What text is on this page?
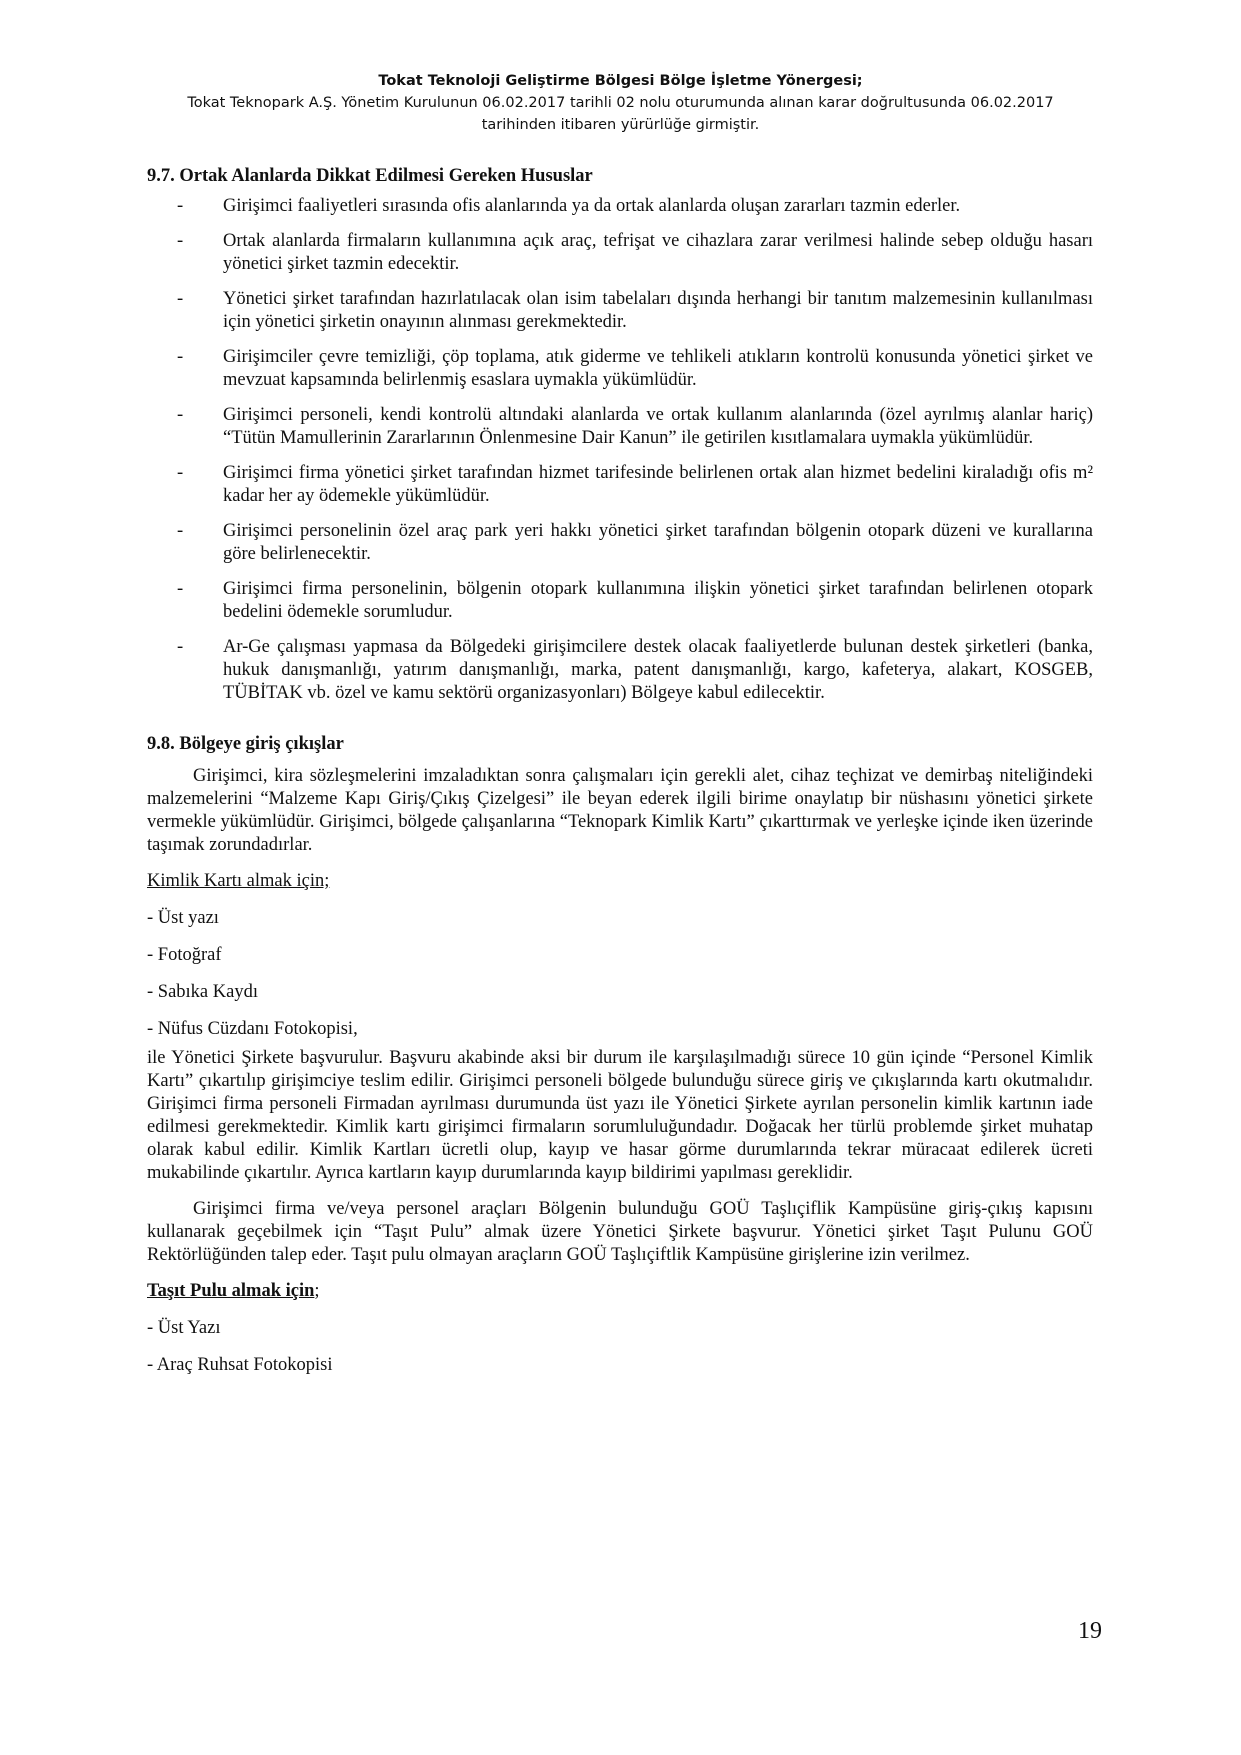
Tokat Teknoloji Geliştirme Bölgesi Bölge İşletme Yönergesi;
Tokat Teknopark A.Ş. Yönetim Kurulunun 06.02.2017 tarihli 02 nolu oturumunda alınan karar doğrultusunda 06.02.2017
tarihinden itibaren yürürlüğe girmiştir.
9.7. Ortak Alanlarda Dikkat Edilmesi Gereken Hususlar
-	Girişimci faaliyetleri sırasında ofis alanlarında ya da ortak alanlarda oluşan zararları tazmin ederler.
-	Ortak alanlarda firmaların kullanımına açık araç, tefrişat ve cihazlara zarar verilmesi halinde sebep olduğu hasarı yönetici şirket tazmin edecektir.
-	Yönetici şirket tarafından hazırlatılacak olan isim tabelaları dışında herhangi bir tanıtım malzemesinin kullanılması için yönetici şirketin onayının alınması gerekmektedir.
-	Girişimciler çevre temizliği, çöp toplama, atık giderme ve tehlikeli atıkların kontrolü konusunda yönetici şirket ve mevzuat kapsamında belirlenmiş esaslara uymakla yükümlüdür.
-	Girişimci personeli, kendi kontrolü altındaki alanlarda ve ortak kullanım alanlarında (özel ayrılmış alanlar hariç) “Tütün Mamullerinin Zararlarının Önlenmesine Dair Kanun” ile getirilen kısıtlamalara uymakla yükümlüdür.
-	Girişimci firma yönetici şirket tarafından hizmet tarifesinde belirlenen ortak alan hizmet bedelini kiraladığı ofis m² kadar her ay ödemekle yükümlüdür.
-	Girişimci personelinin özel araç park yeri hakkı yönetici şirket tarafından bölgenin otopark düzeni ve kurallarına göre belirlenecektir.
-	Girişimci firma personelinin, bölgenin otopark kullanımına ilişkin yönetici şirket tarafından belirlenen otopark bedelini ödemekle sorumludur.
-	Ar-Ge çalışması yapmasa da Bölgedeki girişimcilere destek olacak faaliyetlerde bulunan destek şirketleri (banka, hukuk danışmanlığı, yatırım danışmanlığı, marka, patent danışmanlığı, kargo, kafeterya, alakart, KOSGEB, TÜBİTAK vb. özel ve kamu sektörü organizasyonları) Bölgeye kabul edilecektir.
9.8. Bölgeye giriş çıkışlar

Girişimci, kira sözleşmelerini imzaladıktan sonra çalışmaları için gerekli alet, cihaz teçhizat ve demirbaş niteliğindeki malzemelerini “Malzeme Kapı Giriş/Çıkış Çizelgesi” ile beyan ederek ilgili birime onaylatıp bir nüshasını yönetici şirkete vermekle yükümlüdür. Girişimci, bölgede çalışanlarına “Teknopark Kimlik Kartı” çıkarttırmak ve yerleşke içinde iken üzerinde taşımak zorundadırlar.

Kimlik Kartı almak için;
- Üst yazı
- Fotoğraf
- Sabıka Kaydı
- Nüfus Cüzdanı Fotokopisi,

ile Yönetici Şirkete başvurulur. Başvuru akabinde aksi bir durum ile karşılaşılmadığı sürece 10 gün içinde “Personel Kimlik Kartı” çıkartılıp girişimciye teslim edilir. Girişimci personeli bölgede bulunduğu sürece giriş ve çıkışlarında kartı okutmalıdır. Girişimci firma personeli Firmadan ayrılması durumunda üst yazı ile Yönetici Şirkete ayrılan personelin kimlik kartının iade edilmesi gerekmektedir. Kimlik kartı girişimci firmaların sorumluluğundadır. Doğacak her türlü problemde şirket muhatap olarak kabul edilir. Kimlik Kartları ücretli olup, kayıp ve hasar görme durumlarında tekrar müracaat edilerek ücreti mukabilinde çıkartılır. Ayrıca kartların kayıp durumlarında kayıp bildirimi yapılması gereklidir.

Girişimci firma ve/veya personel araçları Bölgenin bulunduğu GOÜ Taşlıçiflik Kampüsüne giriş-çıkış kapısını kullanarak geçebilmek için “Taşıt Pulu” almak üzere Yönetici Şirkete başvurur. Yönetici şirket Taşıt Pulunu GOÜ Rektörlüğünden talep eder. Taşıt pulu olmayan araçların GOÜ Taşlıçiftlik Kampüsüne girişlerine izin verilmez.

Taşıt Pulu almak için;
- Üst Yazı
- Araç Ruhsat Fotokopisi
19
